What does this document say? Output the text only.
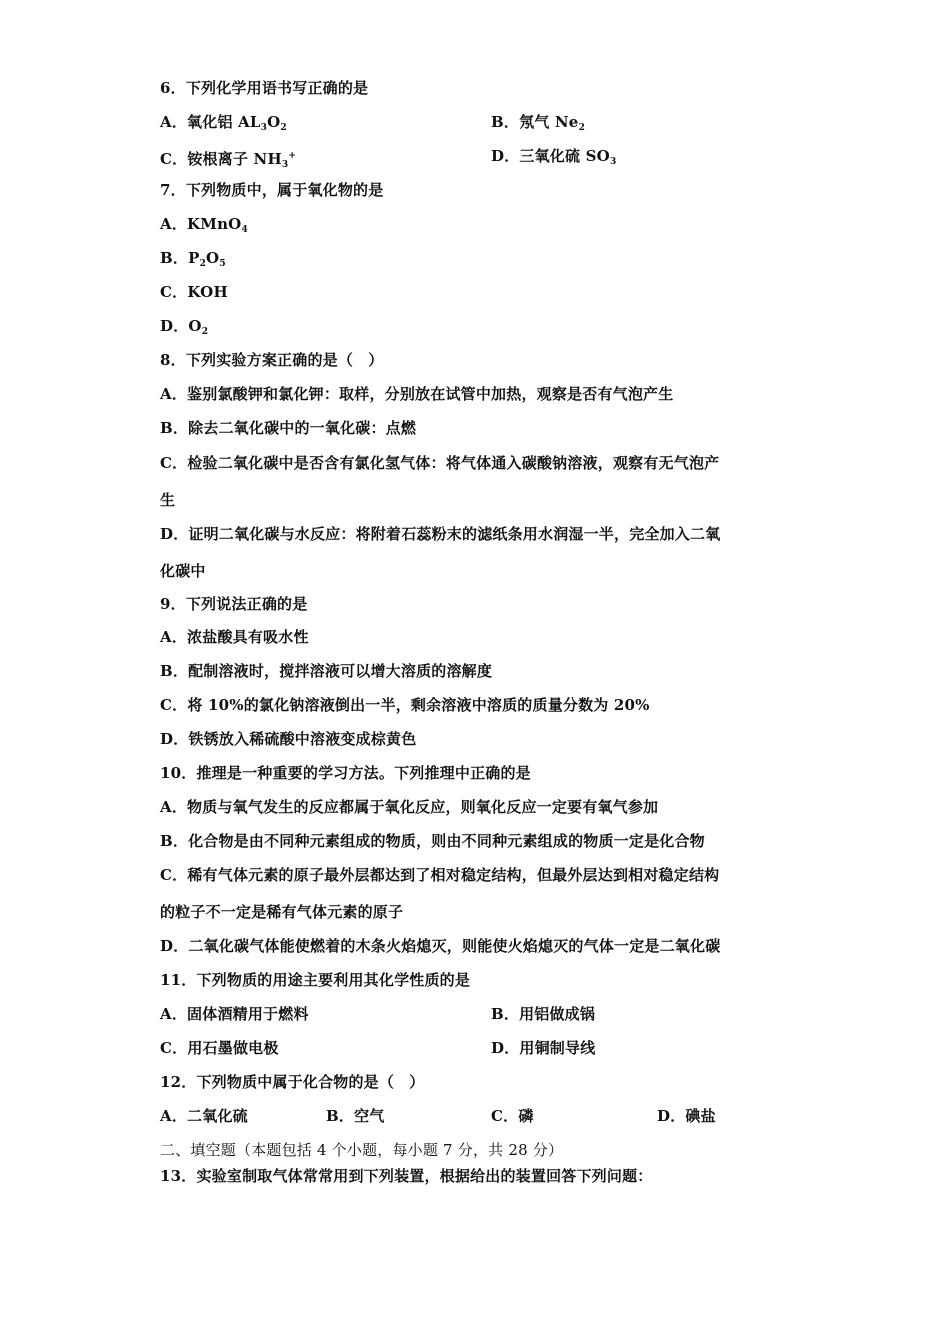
6．下列化学用语书写正确的是
A．氧化铝 $AL_3O_2$	B．氖气 $Ne_2$
C．铵根离子 $NH_3^+$	D．三氧化硫 $SO_3$
7．下列物质中，属于氧化物的是
A．KMnO$_4$
B．$P_2O_5$
C．KOH
D．$O_2$
8．下列实验方案正确的是（　）
A．鉴别氯酸钾和氯化钾：取样，分别放在试管中加热，观察是否有气泡产生
B．除去二氧化碳中的一氧化碳：点燃
C．检验二氧化碳中是否含有氯化氢气体：将气体通入碳酸钠溶液，观察有无气泡产
生
D．证明二氧化碳与水反应：将附着石蕊粉末的滤纸条用水润湿一半，完全加入二氧
化碳中
9．下列说法正确的是
A．浓盐酸具有吸水性
B．配制溶液时，搅拌溶液可以增大溶质的溶解度
C．将 10%的氯化钠溶液倒出一半，剩余溶液中溶质的质量分数为 20%
D．铁锈放入稀硫酸中溶液变成棕黄色
10．推理是一种重要的学习方法。下列推理中正确的是
A．物质与氧气发生的反应都属于氧化反应，则氧化反应一定要有氧气参加
B．化合物是由不同种元素组成的物质，则由不同种元素组成的物质一定是化合物
C．稀有气体元素的原子最外层都达到了相对稳定结构，但最外层达到相对稳定结构
的粒子不一定是稀有气体元素的原子
D．二氧化碳气体能使燃着的木条火焰熄灭，则能使火焰熄灭的气体一定是二氧化碳
11．下列物质的用途主要利用其化学性质的是
A．固体酒精用于燃料	B．用铝做成锅
C．用石墨做电极	D．用铜制导线
12．下列物质中属于化合物的是（　）
A．二氧化硫	B．空气	C．磷	D．碘盐
二、填空题（本题包括 4 个小题，每小题 7 分，共 28 分）
13．实验室制取气体常常用到下列装置，根据给出的装置回答下列问题：
